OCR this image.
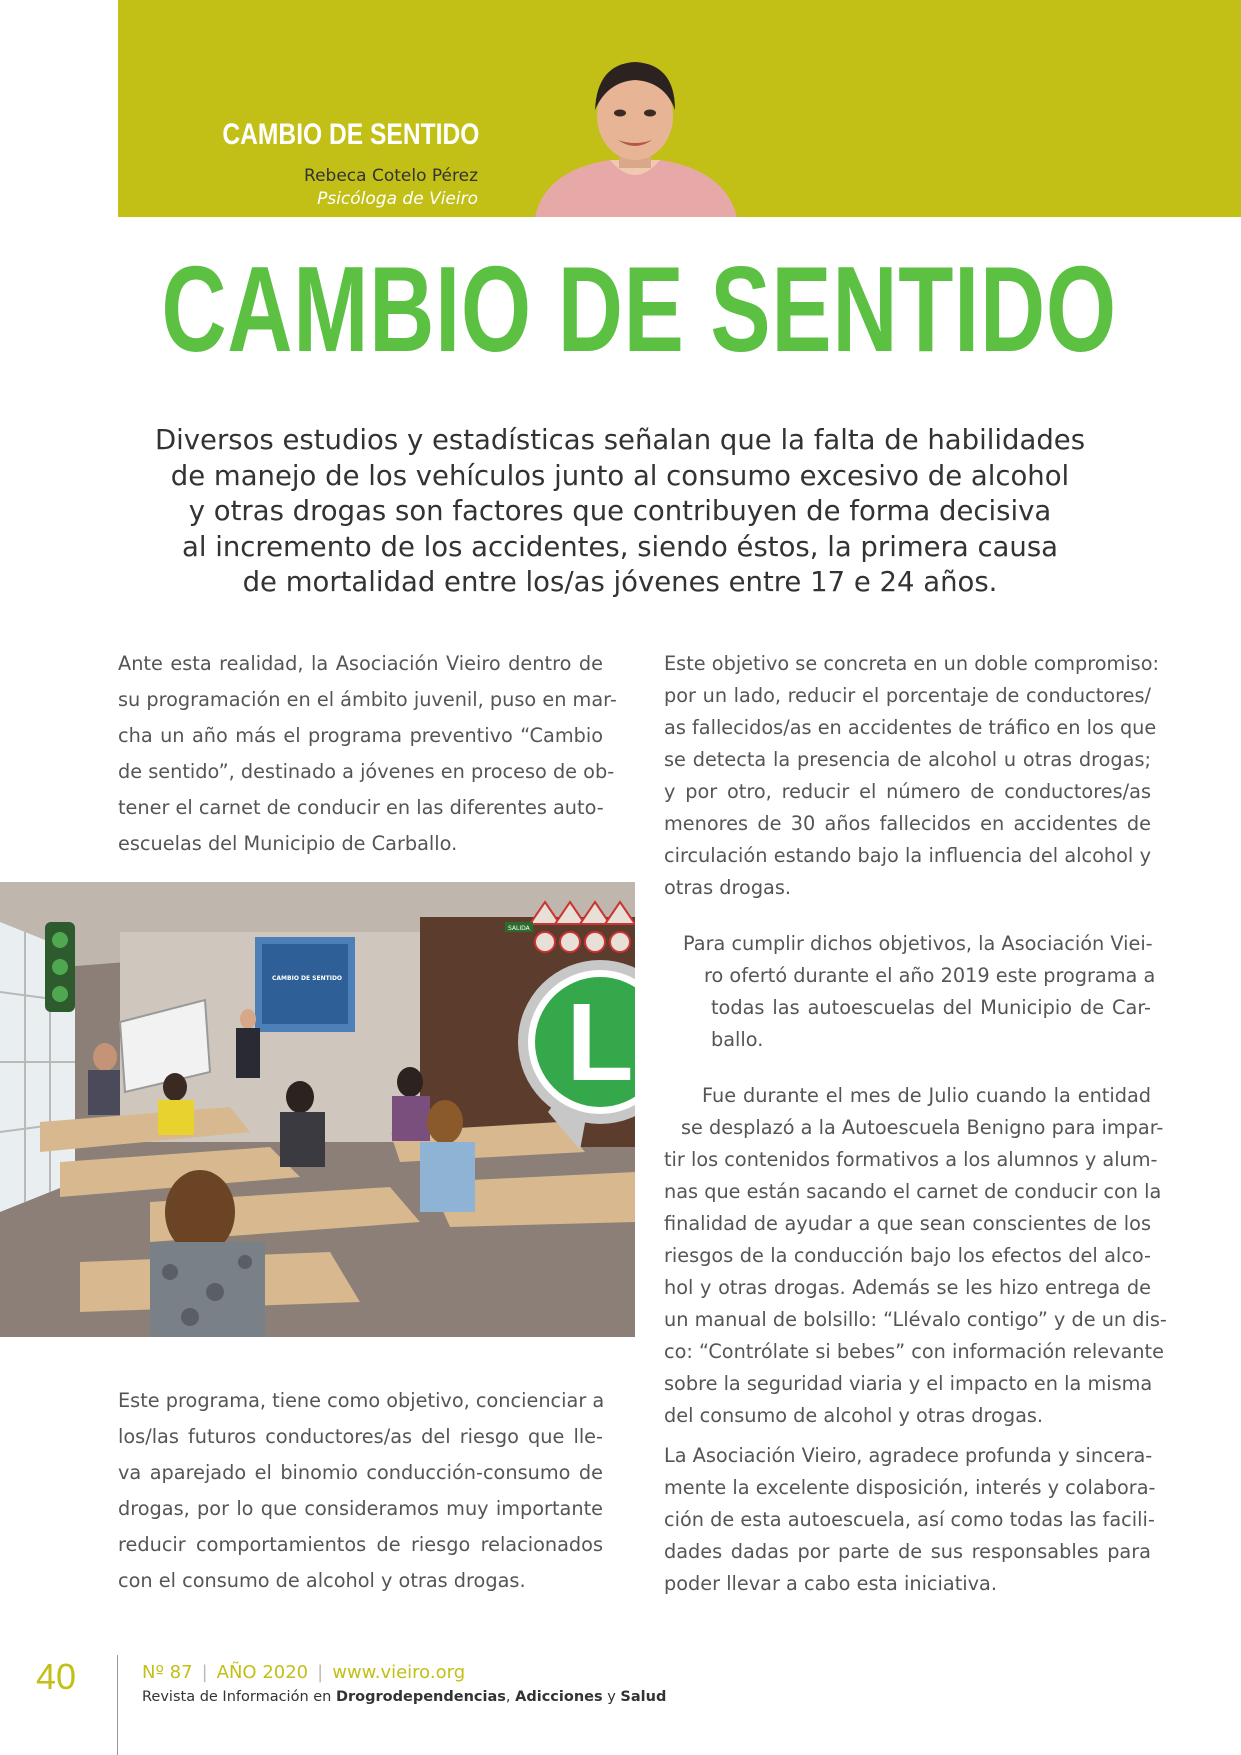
CAMBIO DE SENTIDO
Rebeca Cotelo Pérez
Psicóloga de Vieiro
CAMBIO DE SENTIDO
Diversos estudios y estadísticas señalan que la falta de habilidades
de manejo de los vehículos junto al consumo excesivo de alcohol
y otras drogas son factores que contribuyen de forma decisiva
al incremento de los accidentes, siendo éstos, la primera causa
de mortalidad entre los/as jóvenes entre 17 e 24 años.
Ante esta realidad, la Asociación Vieiro dentro de
su programación en el ámbito juvenil, puso en mar-
cha un año más el programa preventivo “Cambio
de sentido”, destinado a jóvenes en proceso de ob-
tener el carnet de conducir en las diferentes auto-
escuelas del Municipio de Carballo.
SALIDA
CAMBIO DE SENTIDO
L
Este programa, tiene como objetivo, concienciar a
los/las futuros conductores/as del riesgo que lle-
va aparejado el binomio conducción-consumo de
drogas, por lo que consideramos muy importante
reducir comportamientos de riesgo relacionados
con el consumo de alcohol y otras drogas.
Este objetivo se concreta en un doble compromiso:
por un lado, reducir el porcentaje de conductores/
as fallecidos/as en accidentes de tráfico en los que
se detecta la presencia de alcohol u otras drogas;
y por otro, reducir el número de conductores/as
menores de 30 años fallecidos en accidentes de
circulación estando bajo la influencia del alcohol y
otras drogas.
Para cumplir dichos objetivos, la Asociación Viei-
ro ofertó durante el año 2019 este programa a
todas las autoescuelas del Municipio de Car-
ballo.
Fue durante el mes de Julio cuando la entidad
se desplazó a la Autoescuela Benigno para impar-
tir los contenidos formativos a los alumnos y alum-
nas que están sacando el carnet de conducir con la
finalidad de ayudar a que sean conscientes de los
riesgos de la conducción bajo los efectos del alco-
hol y otras drogas. Además se les hizo entrega de
un manual de bolsillo: “Llévalo contigo” y de un dis-
co: “Contrólate si bebes” con información relevante
sobre la seguridad viaria y el impacto en la misma
del consumo de alcohol y otras drogas.
La Asociación Vieiro, agradece profunda y sincera-
mente la excelente disposición, interés y colabora-
ción de esta autoescuela, así como todas las facili-
dades dadas por parte de sus responsables para
poder llevar a cabo esta iniciativa.
40	Nº 87 | AÑO 2020 | www.vieiro.org
Revista de Información en Drogrodependencias, Adicciones y Salud
